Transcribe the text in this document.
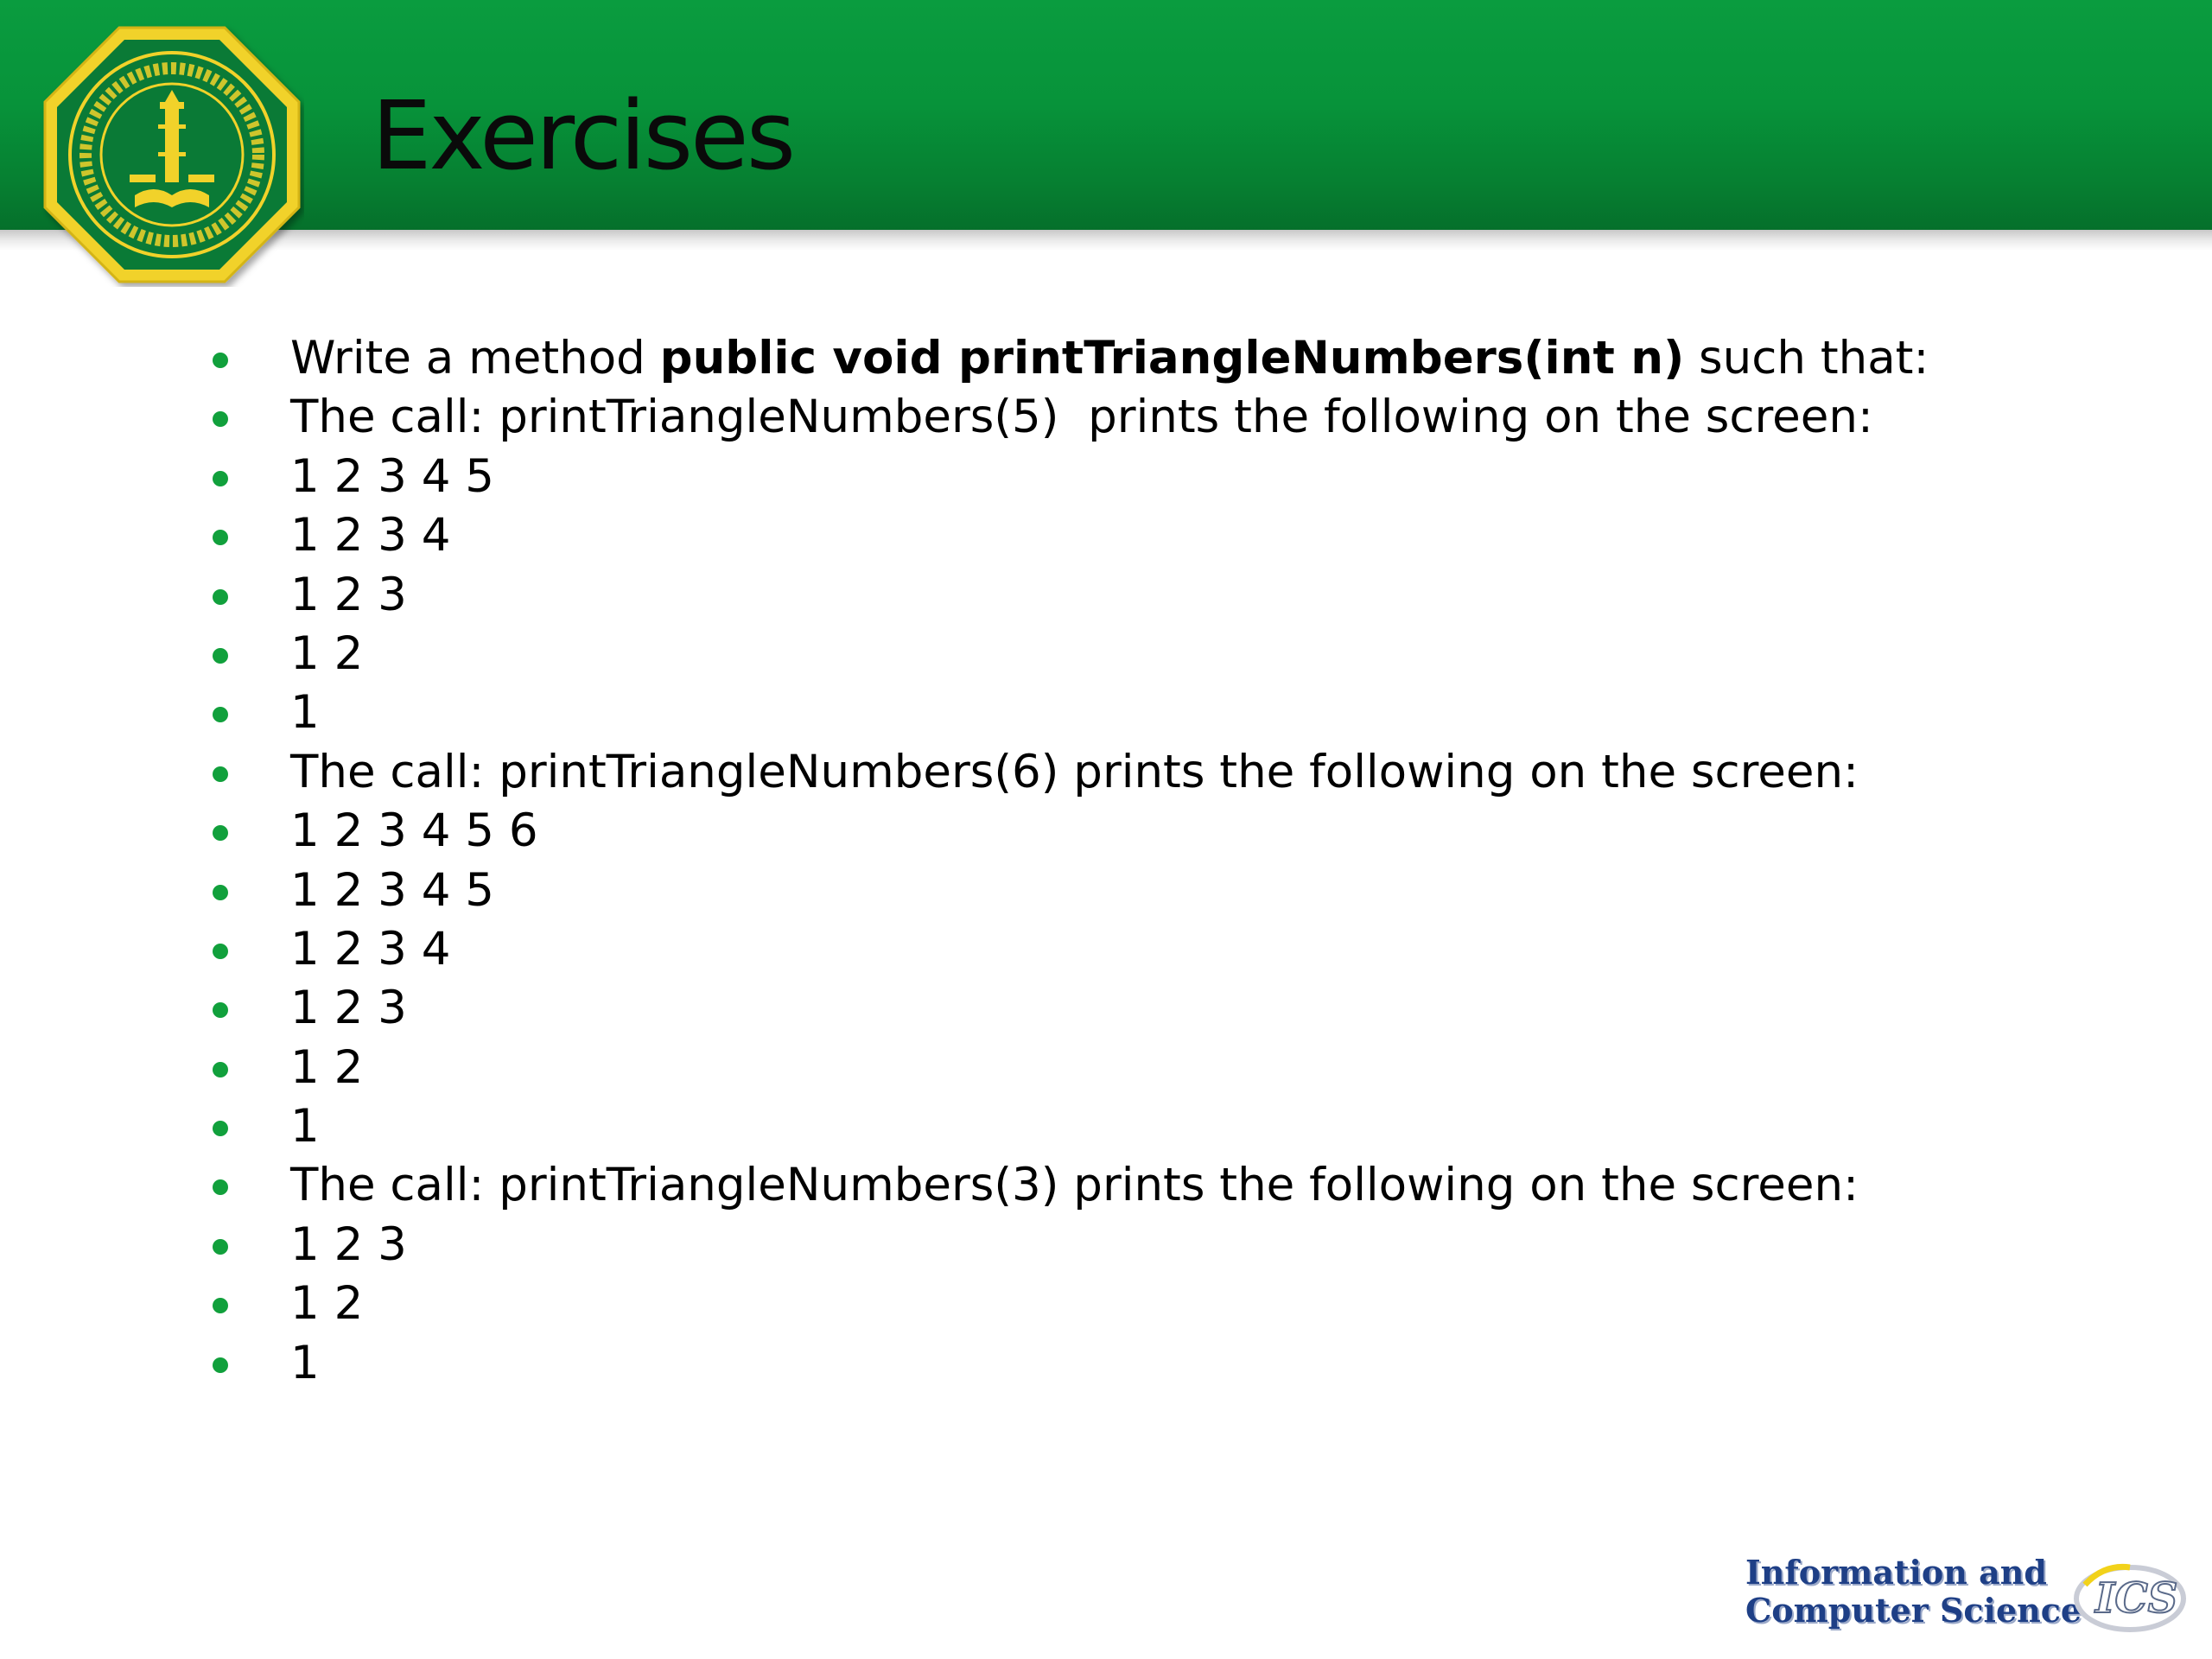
Exercises
Write a method public void printTriangleNumbers(int n) such that:
The call: printTriangleNumbers(5)  prints the following on the screen:
1 2 3 4 5
1 2 3 4
1 2 3
1 2
1
The call: printTriangleNumbers(6) prints the following on the screen:
1 2 3 4 5 6
1 2 3 4 5
1 2 3 4
1 2 3
1 2
1
The call: printTriangleNumbers(3) prints the following on the screen:
1 2 3
1 2
1
Information and
Computer Science ICS
